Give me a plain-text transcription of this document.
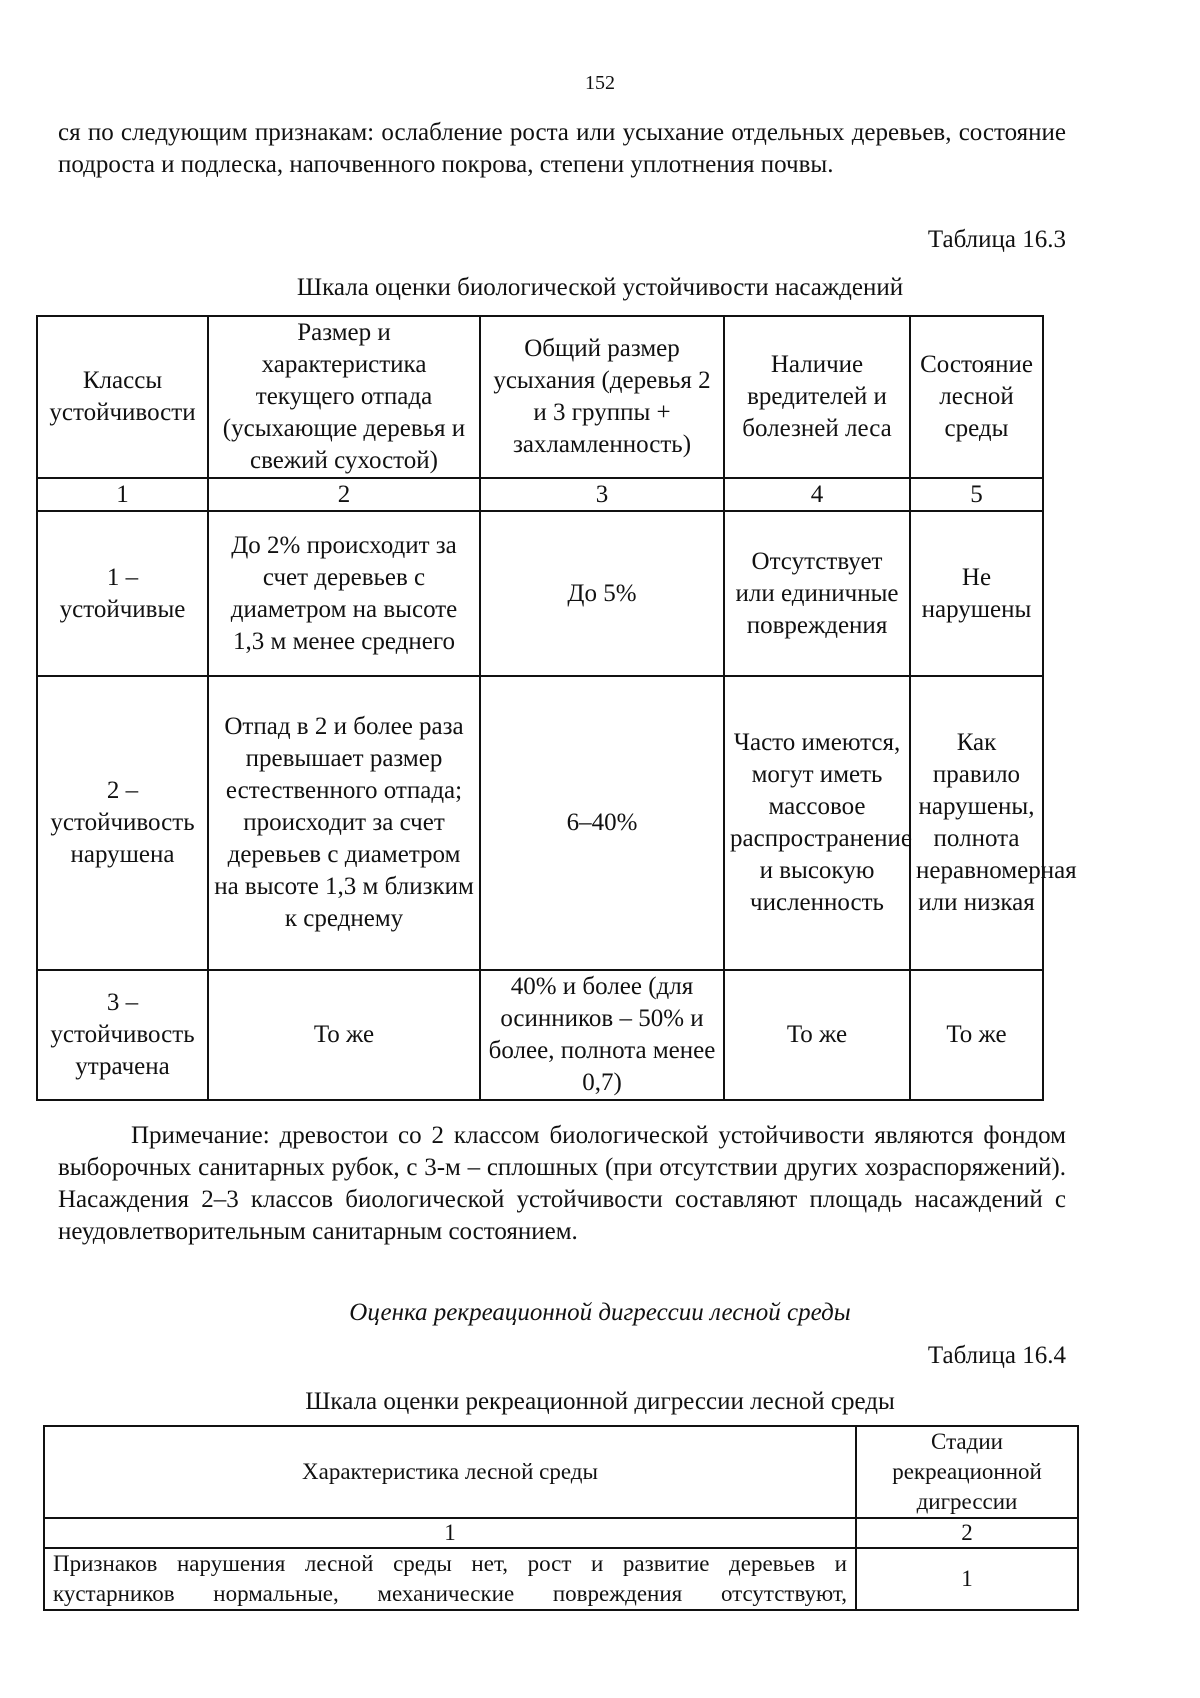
152
ся по следующим признакам: ослабление роста или усыхание отдельных деревьев, состояние подроста и подлеска, напочвенного покрова, степени уплотнения почвы.
Таблица 16.3
Шкала оценки биологической устойчивости насаждений
Классы устойчивости	Размер и характеристика текущего отпада (усыхающие деревья и свежий сухостой)	Общий размер усыхания (деревья 2 и 3 группы + захламленность)	Наличие вредителей и болезней леса	Состояние лесной среды
1	2	3	4	5
1 – устойчивые	До 2% происходит за счет деревьев с диаметром на высоте 1,3 м менее среднего	До 5%	Отсутствует или единичные повреждения	Не нарушены
2 – устойчивость нарушена	Отпад в 2 и более раза превышает размер естественного отпада; происходит за счет деревьев с диаметром на высоте 1,3 м близким к среднему	6–40%	Часто имеются, могут иметь массовое распространение и высокую численность	Как правило нарушены, полнота неравномерная или низкая
3 – устойчивость утрачена	То же	40% и более (для осинников – 50% и более, полнота менее 0,7)	То же	То же
Примечание: древостои со 2 классом биологической устойчивости являются фондом выборочных санитарных рубок, с 3-м – сплошных (при отсутствии других хозраспоряжений). Насаждения 2–3 классов биологической устойчивости составляют площадь насаждений с неудовлетворительным санитарным состоянием.
Оценка рекреационной дигрессии лесной среды
Таблица 16.4
Шкала оценки рекреационной дигрессии лесной среды
Характеристика лесной среды	Стадии рекреационной дигрессии
1	2
Признаков нарушения лесной среды нет, рост и развитие деревьев и кустарников нормальные, механические повреждения отсутствуют,	1
